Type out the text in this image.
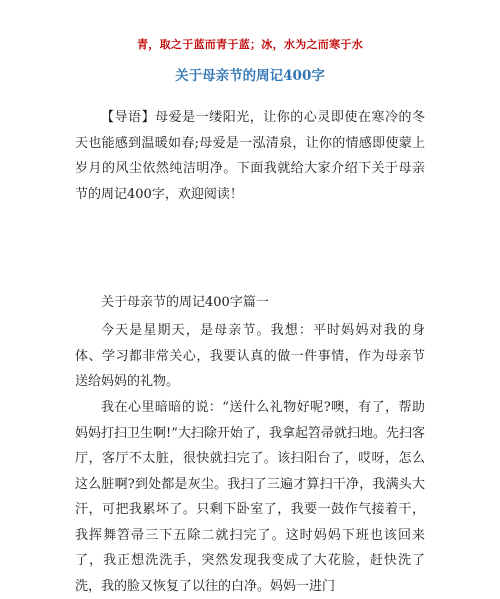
青，取之于蓝而青于蓝；冰，水为之而寒于水
关于母亲节的周记400字

【导语】母爱是一缕阳光，让你的心灵即使在寒冷的冬天也能感到温暖如春;母爱是一泓清泉，让你的情感即使蒙上岁月的风尘依然纯洁明净。下面我就给大家介绍下关于母亲节的周记400字，欢迎阅读！

关于母亲节的周记400字篇一

今天是星期天，是母亲节。我想：平时妈妈对我的身体、学习都非常关心，我要认真的做一件事情，作为母亲节送给妈妈的礼物。

我在心里暗暗的说：“送什么礼物好呢?噢，有了，帮助妈妈打扫卫生啊!”大扫除开始了，我拿起笤帚就扫地。先扫客厅，客厅不太脏，很快就扫完了。该扫阳台了，哎呀，怎么这么脏啊?到处都是灰尘。我扫了三遍才算扫干净，我满头大汗，可把我累坏了。只剩下卧室了，我要一鼓作气接着干，我挥舞笤帚三下五除二就扫完了。这时妈妈下班也该回来了，我正想洗洗手，突然发现我变成了大花脸，赶快洗了洗，我的脸又恢复了以往的白净。妈妈一进门
